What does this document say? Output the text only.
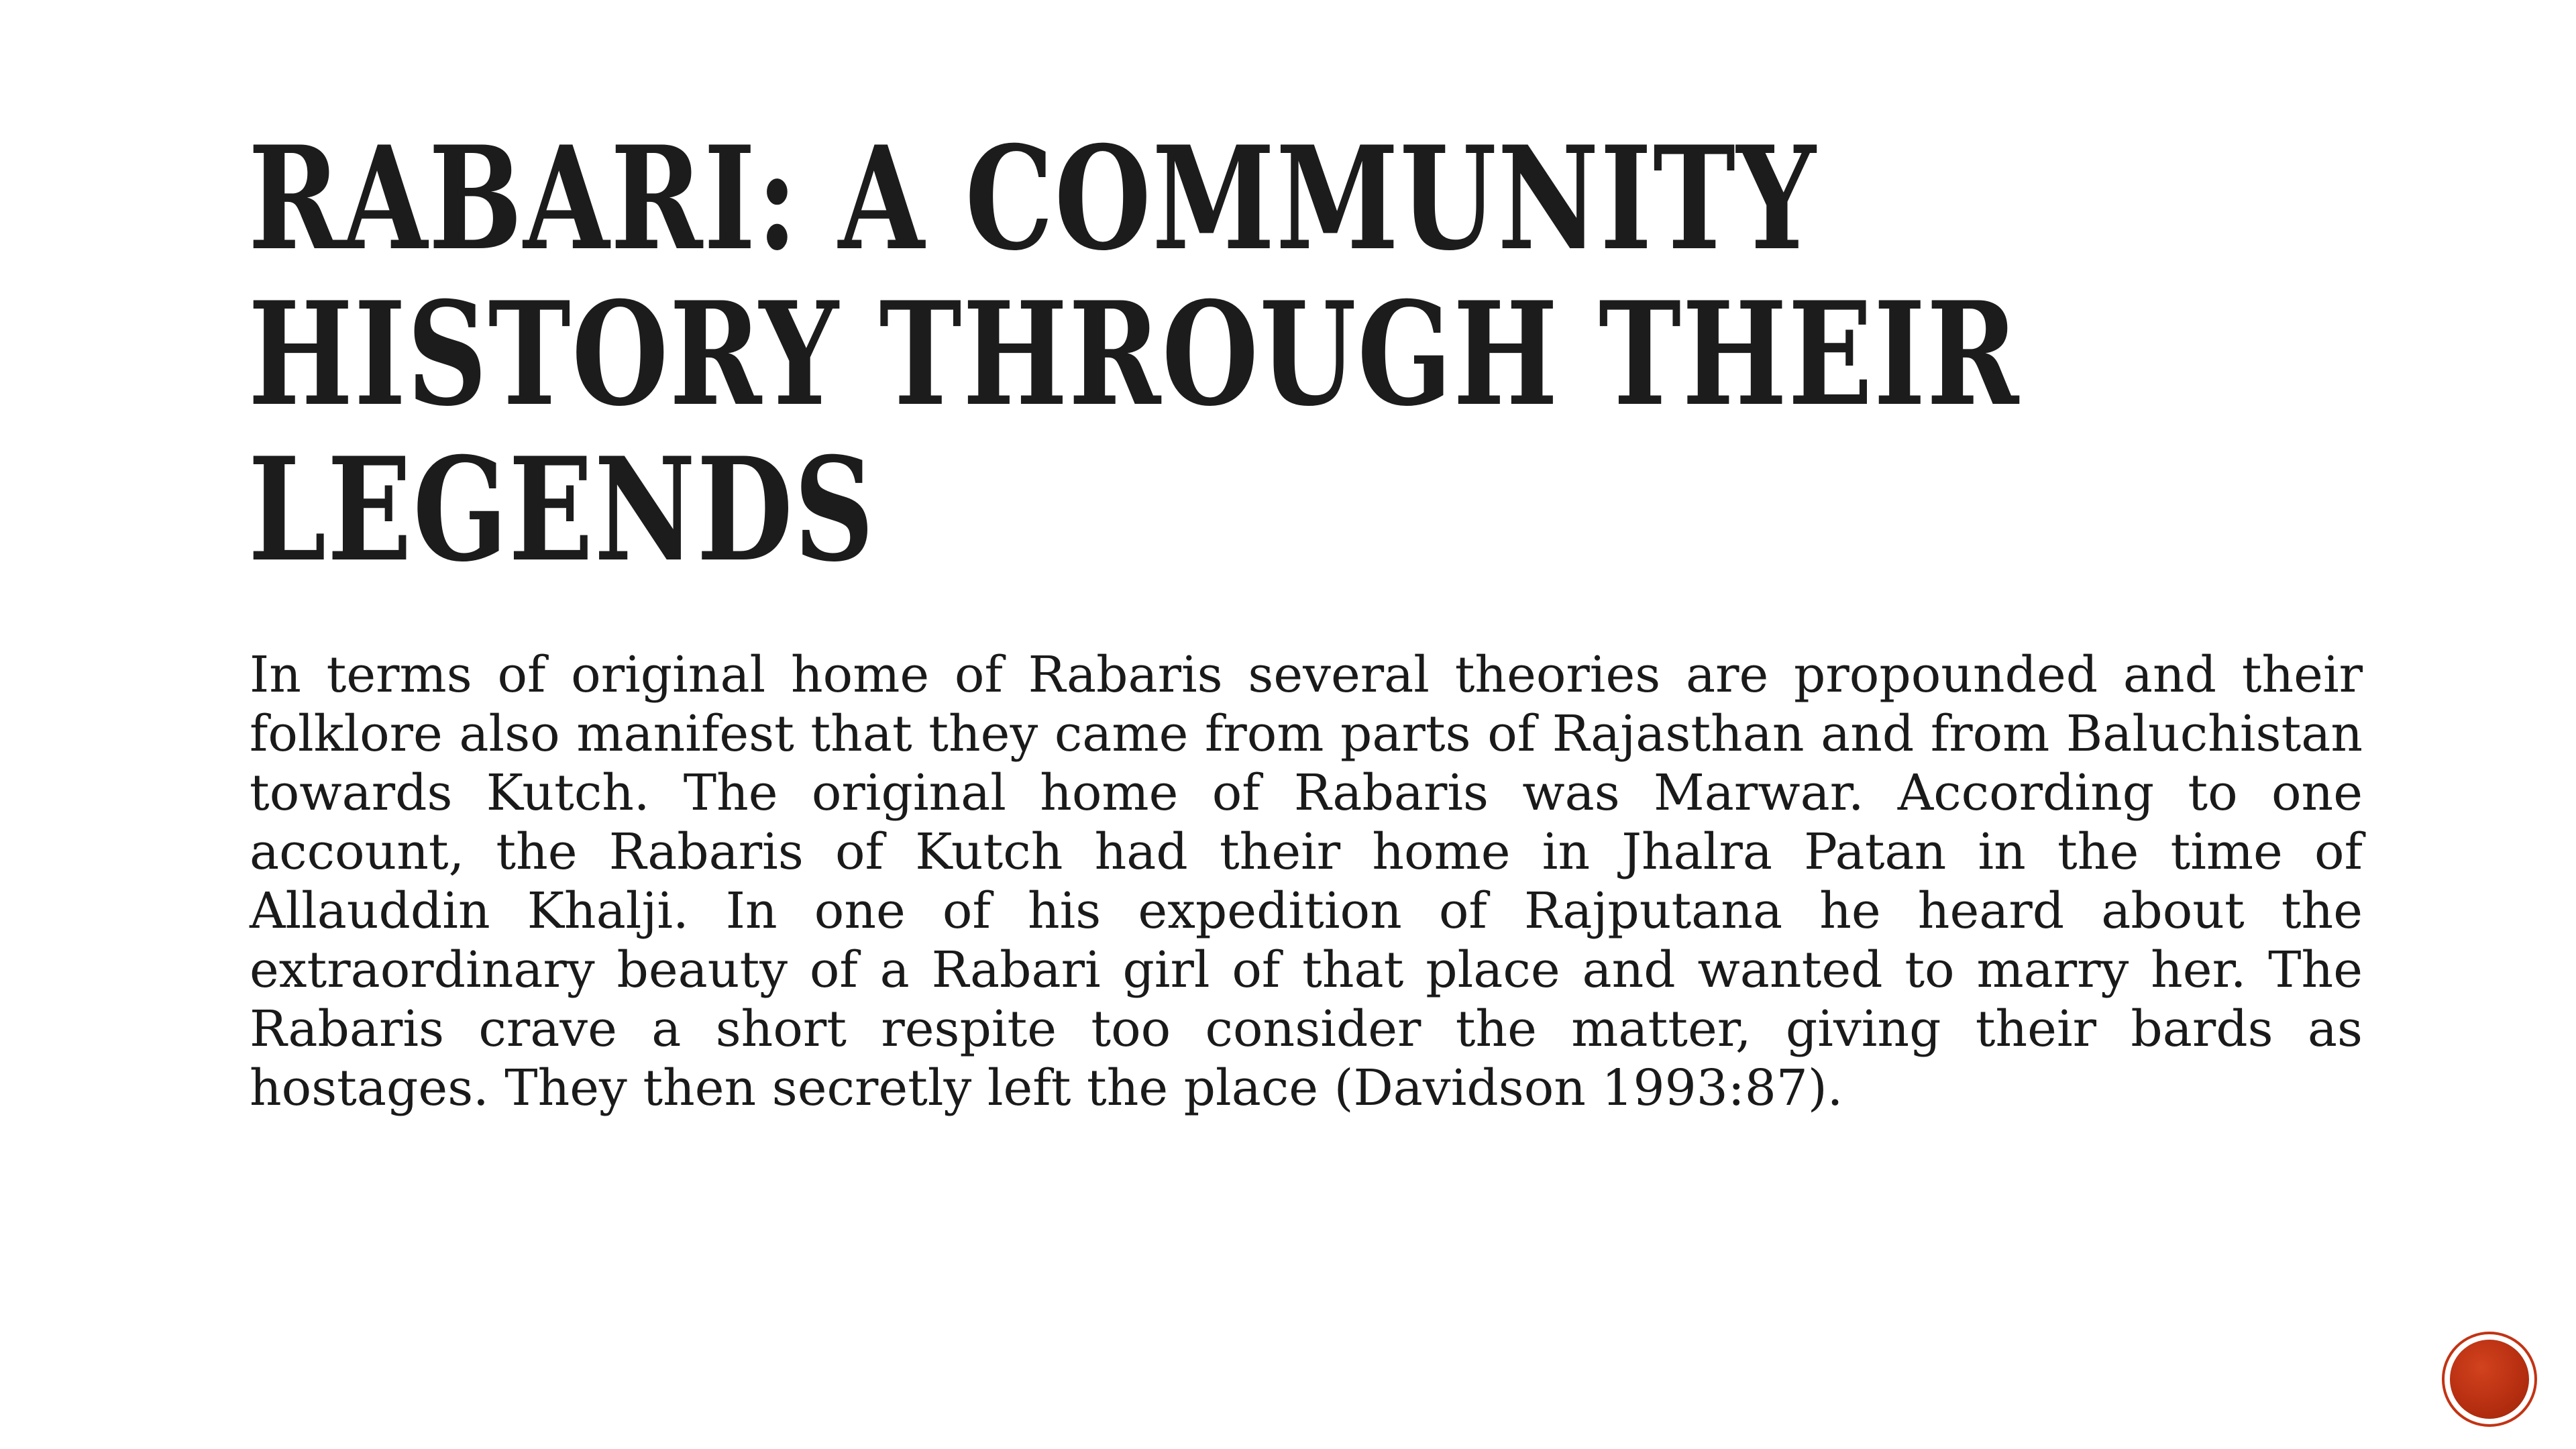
RABARI: A COMMUNITY HISTORY THROUGH THEIR LEGENDS

In terms of original home of Rabaris several theories are propounded and their folklore also manifest that they came from parts of Rajasthan and from Baluchistan towards Kutch. The original home of Rabaris was Marwar. According to one account, the Rabaris of Kutch had their home in Jhalra Patan in the time of Allauddin Khalji. In one of his expedition of Rajputana he heard about the extraordinary beauty of a Rabari girl of that place and wanted to marry her. The Rabaris crave a short respite too consider the matter, giving their bards as hostages. They then secretly left the place (Davidson 1993:87).
